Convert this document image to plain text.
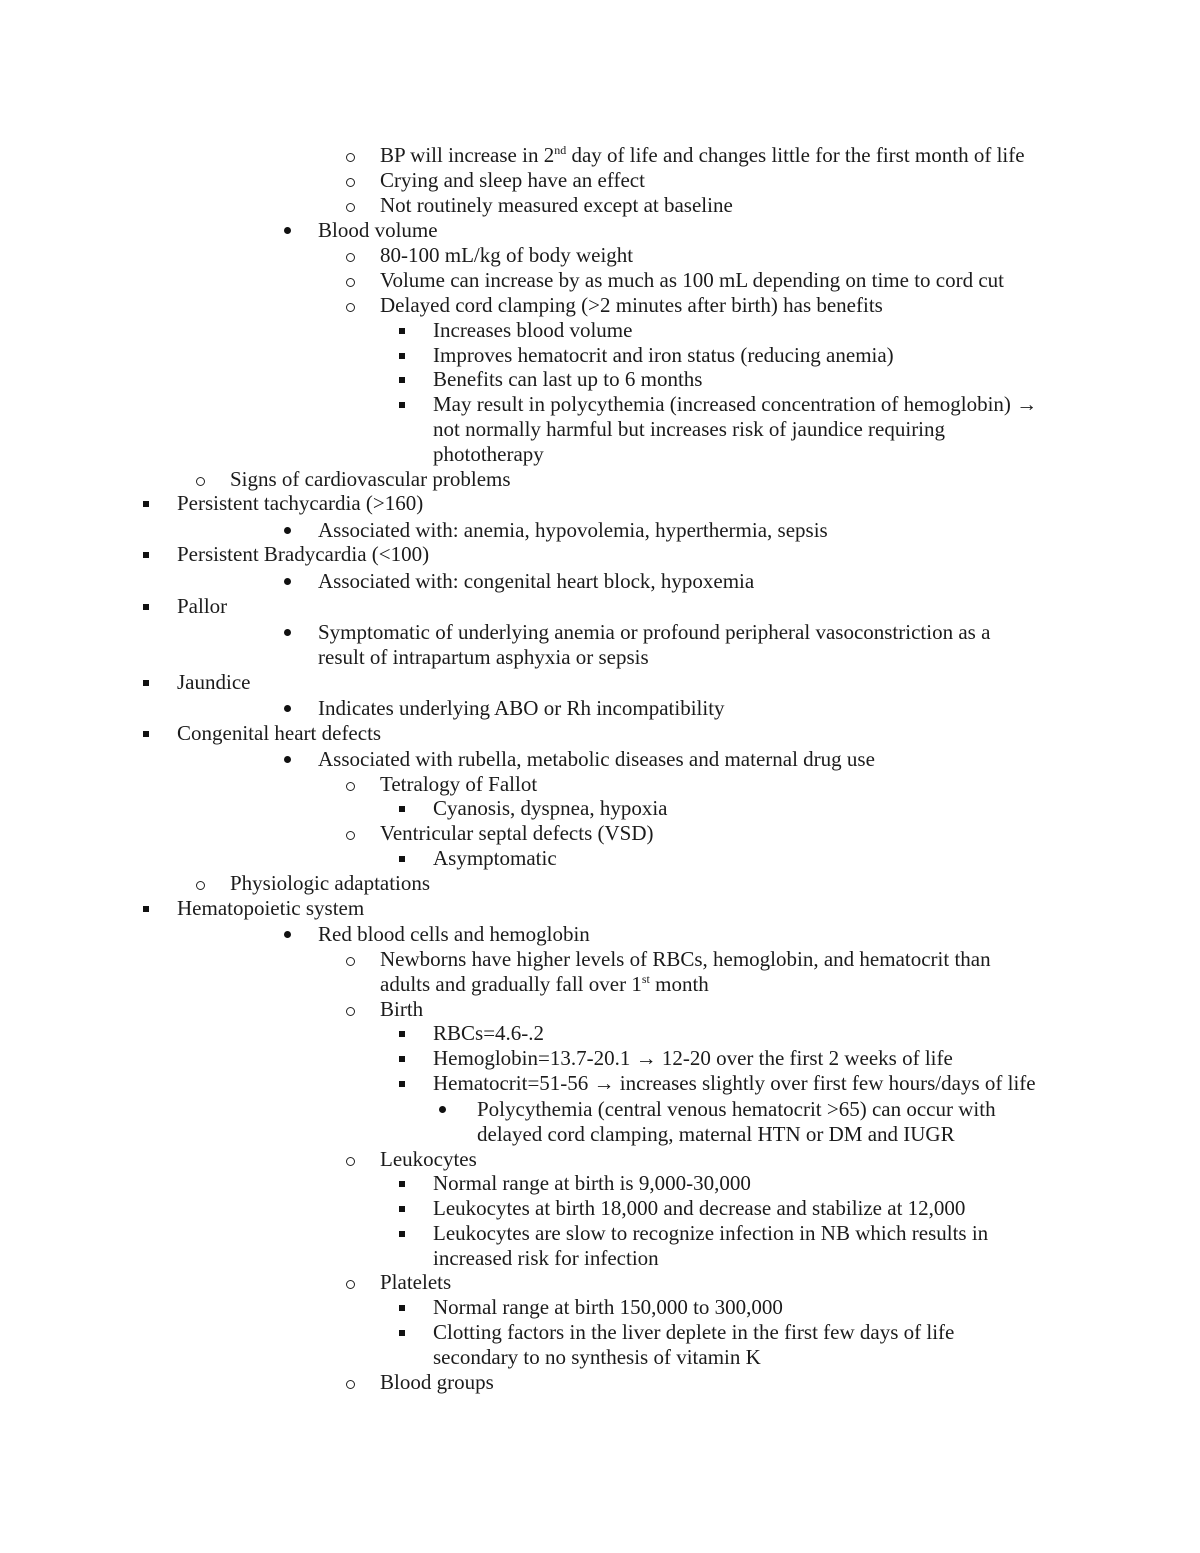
BP will increase in 2nd day of life and changes little for the first month of life
Crying and sleep have an effect
Not routinely measured except at baseline
Blood volume
80-100 mL/kg of body weight
Volume can increase by as much as 100 mL depending on time to cord cut
Delayed cord clamping (>2 minutes after birth) has benefits
Increases blood volume
Improves hematocrit and iron status (reducing anemia)
Benefits can last up to 6 months
May result in polycythemia (increased concentration of hemoglobin) →
not normally harmful but increases risk of jaundice requiring
phototherapy
Signs of cardiovascular problems
Persistent tachycardia (>160)
Associated with: anemia, hypovolemia, hyperthermia, sepsis
Persistent Bradycardia (<100)
Associated with: congenital heart block, hypoxemia
Pallor
Symptomatic of underlying anemia or profound peripheral vasoconstriction as a
result of intrapartum asphyxia or sepsis
Jaundice
Indicates underlying ABO or Rh incompatibility
Congenital heart defects
Associated with rubella, metabolic diseases and maternal drug use
Tetralogy of Fallot
Cyanosis, dyspnea, hypoxia
Ventricular septal defects (VSD)
Asymptomatic
Physiologic adaptations
Hematopoietic system
Red blood cells and hemoglobin
Newborns have higher levels of RBCs, hemoglobin, and hematocrit than
adults and gradually fall over 1st month
Birth
RBCs=4.6-.2
Hemoglobin=13.7-20.1 → 12-20 over the first 2 weeks of life
Hematocrit=51-56 → increases slightly over first few hours/days of life
Polycythemia (central venous hematocrit >65) can occur with
delayed cord clamping, maternal HTN or DM and IUGR
Leukocytes
Normal range at birth is 9,000-30,000
Leukocytes at birth 18,000 and decrease and stabilize at 12,000
Leukocytes are slow to recognize infection in NB which results in
increased risk for infection
Platelets
Normal range at birth 150,000 to 300,000
Clotting factors in the liver deplete in the first few days of life
secondary to no synthesis of vitamin K
Blood groups
